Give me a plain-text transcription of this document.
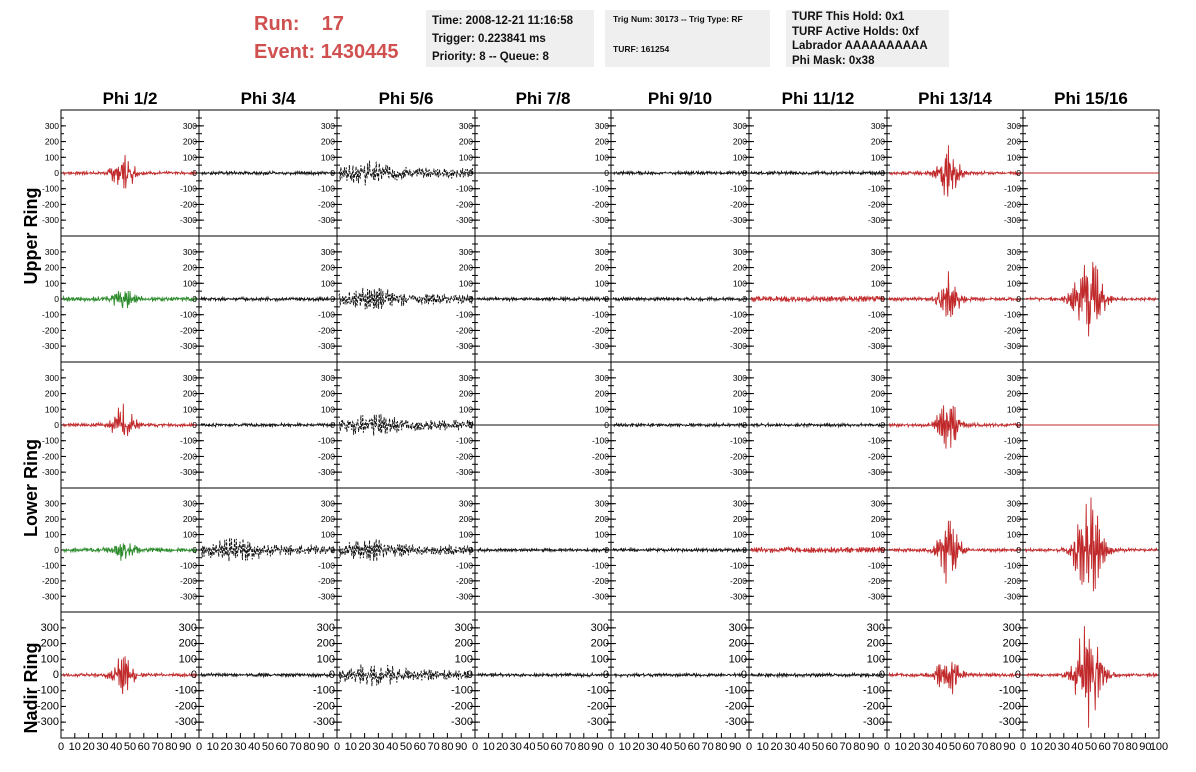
Run: 17
Event: 1430445
Time: 2008-12-21 11:16:58
Trigger: 0.223841 ms
Priority: 8 -- Queue: 8
Trig Num: 30173 -- Trig Type: RF
TURF: 161254
TURF This Hold: 0x1
TURF Active Holds: 0xf
Labrador AAAAAAAAAA
Phi Mask: 0x38
Phi 1/2	Phi 3/4	Phi 5/6	Phi 7/8	Phi 9/10	Phi 11/12	Phi 13/14	Phi 15/16
Upper Ring
Lower Ring
Nadir Ring
300
200
100
0
-100
-200
-300
300
200
100
0
-100
-200
-300
300
200
100
0
-100
-200
-300
300
200
100
0
-100
-200
-300
300
200
100
0
-100
-200
-300
300
200
100
0
-100
-200
-300
300
200
100
0
-100
-200
-300
300
200
100
0
-100
-200
-300
300
200
100
0
-100
-200
-300
300
200
100
0
-100
-200
-300
300
200
100
0
-100
-200
-300
300
200
100
0
-100
-200
-300
300
200
100
0
-100
-200
-300
300
200
100
0
-100
-200
-300
300
200
100
0
-100
-200
-300
300
200
100
0
-100
-200
-300
300
200
100
0
-100
-200
-300
300
200
100
0
-100
-200
-300
300
200
100
0
-100
-200
-300
300
200
100
0
-100
-200
-300
300
200
100
0
-100
-200
-300
300
200
100
0
-100
-200
-300
300
200
100
0
-100
-200
-300
300
200
100
0
-100
-200
-300
300
200
100
0
-100
-200
-300
300
200
100
0
-100
-200
-300
300
200
100
0
-100
-200
-300
300
200
100
0
-100
-200
-300
300
200
100
0
-100
-200
-300
300
200
100
0
-100
-200
-300
300
200
100
0
-100
-200
-300
300
200
100
0
-100
-200
-300
300
200
100
0
-100
-200
-300
300
200
100
0
-100
-200
-300
300
200
100
0
-100
-200
-300
300
200
100
0
-100
-200
-300
300
200
100
0
-100
-200
-300
300
200
100
0
-100
-200
-300
300
200
100
0
-100
-200
-300
300
200
100
0
-100
-200
-300
0 10 20 30 40 50 60 70 80 90 0 10 20 30 40 50 60 70 80 90 0 10 20 30 40 50 60 70 80 90 0 10 20 30 40 50 60 70 80 90 0 10 20 30 40 50 60 70 80 90 0 10 20 30 40 50 60 70 80 90 0 10 20 30 40 50 60 70 80 90 0 10 20 30 40 50 60 70 80 90
100
